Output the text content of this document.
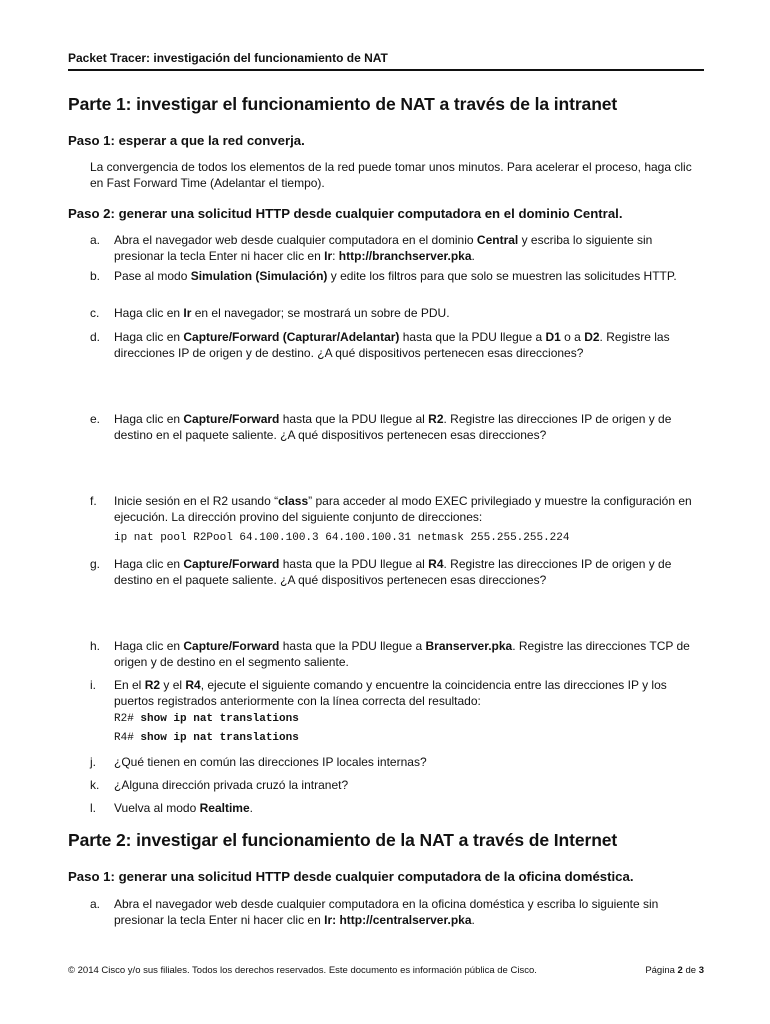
Packet Tracer: investigación del funcionamiento de NAT
Parte 1: investigar el funcionamiento de NAT a través de la intranet
Paso 1: esperar a que la red converja.
La convergencia de todos los elementos de la red puede tomar unos minutos. Para acelerar el proceso, haga clic en Fast Forward Time (Adelantar el tiempo).
Paso 2: generar una solicitud HTTP desde cualquier computadora en el dominio Central.
a.	Abra el navegador web desde cualquier computadora en el dominio Central y escriba lo siguiente sin presionar la tecla Enter ni hacer clic en Ir: http://branchserver.pka.
b.	Pase al modo Simulation (Simulación) y edite los filtros para que solo se muestren las solicitudes HTTP.
c.	Haga clic en Ir en el navegador; se mostrará un sobre de PDU.
d.	Haga clic en Capture/Forward (Capturar/Adelantar) hasta que la PDU llegue a D1 o a D2. Registre las direcciones IP de origen y de destino. ¿A qué dispositivos pertenecen esas direcciones?
e.	Haga clic en Capture/Forward hasta que la PDU llegue al R2. Registre las direcciones IP de origen y de destino en el paquete saliente. ¿A qué dispositivos pertenecen esas direcciones?
f.	Inicie sesión en el R2 usando “class” para acceder al modo EXEC privilegiado y muestre la configuración en ejecución. La dirección provino del siguiente conjunto de direcciones:
ip nat pool R2Pool 64.100.100.3 64.100.100.31 netmask 255.255.255.224
g.	Haga clic en Capture/Forward hasta que la PDU llegue al R4. Registre las direcciones IP de origen y de destino en el paquete saliente. ¿A qué dispositivos pertenecen esas direcciones?
h.	Haga clic en Capture/Forward hasta que la PDU llegue a Branserver.pka. Registre las direcciones TCP de origen y de destino en el segmento saliente.
i.	En el R2 y el R4, ejecute el siguiente comando y encuentre la coincidencia entre las direcciones IP y los puertos registrados anteriormente con la línea correcta del resultado:
R2# show ip nat translations
R4# show ip nat translations
j.	¿Qué tienen en común las direcciones IP locales internas?
k.	¿Alguna dirección privada cruzó la intranet?
l.	Vuelva al modo Realtime.
Parte 2: investigar el funcionamiento de la NAT a través de Internet
Paso 1: generar una solicitud HTTP desde cualquier computadora de la oficina doméstica.
a.	Abra el navegador web desde cualquier computadora en la oficina doméstica y escriba lo siguiente sin presionar la tecla Enter ni hacer clic en Ir: http://centralserver.pka.
© 2014 Cisco y/o sus filiales. Todos los derechos reservados. Este documento es información pública de Cisco.	Página 2 de 3
